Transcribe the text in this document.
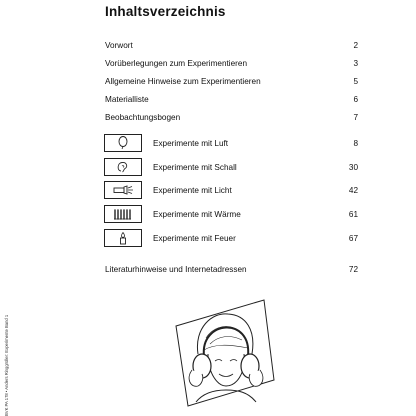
Inhaltsverzeichnis
Vorwort	2
Vorüberlegungen zum Experimentieren	3
Allgemeine Hinweise zum Experimentieren	5
Materialliste	6
Beobachtungsbogen	7
Experimente mit Luft	8
Experimente mit Schall	30
Experimente mit Licht	42
Experimente mit Wärme	61
Experimente mit Feuer	67
Literaturhinweise und Internetadressen	72
BVK PA 178 • Anders Ringgrüller: Experimente Band 1
